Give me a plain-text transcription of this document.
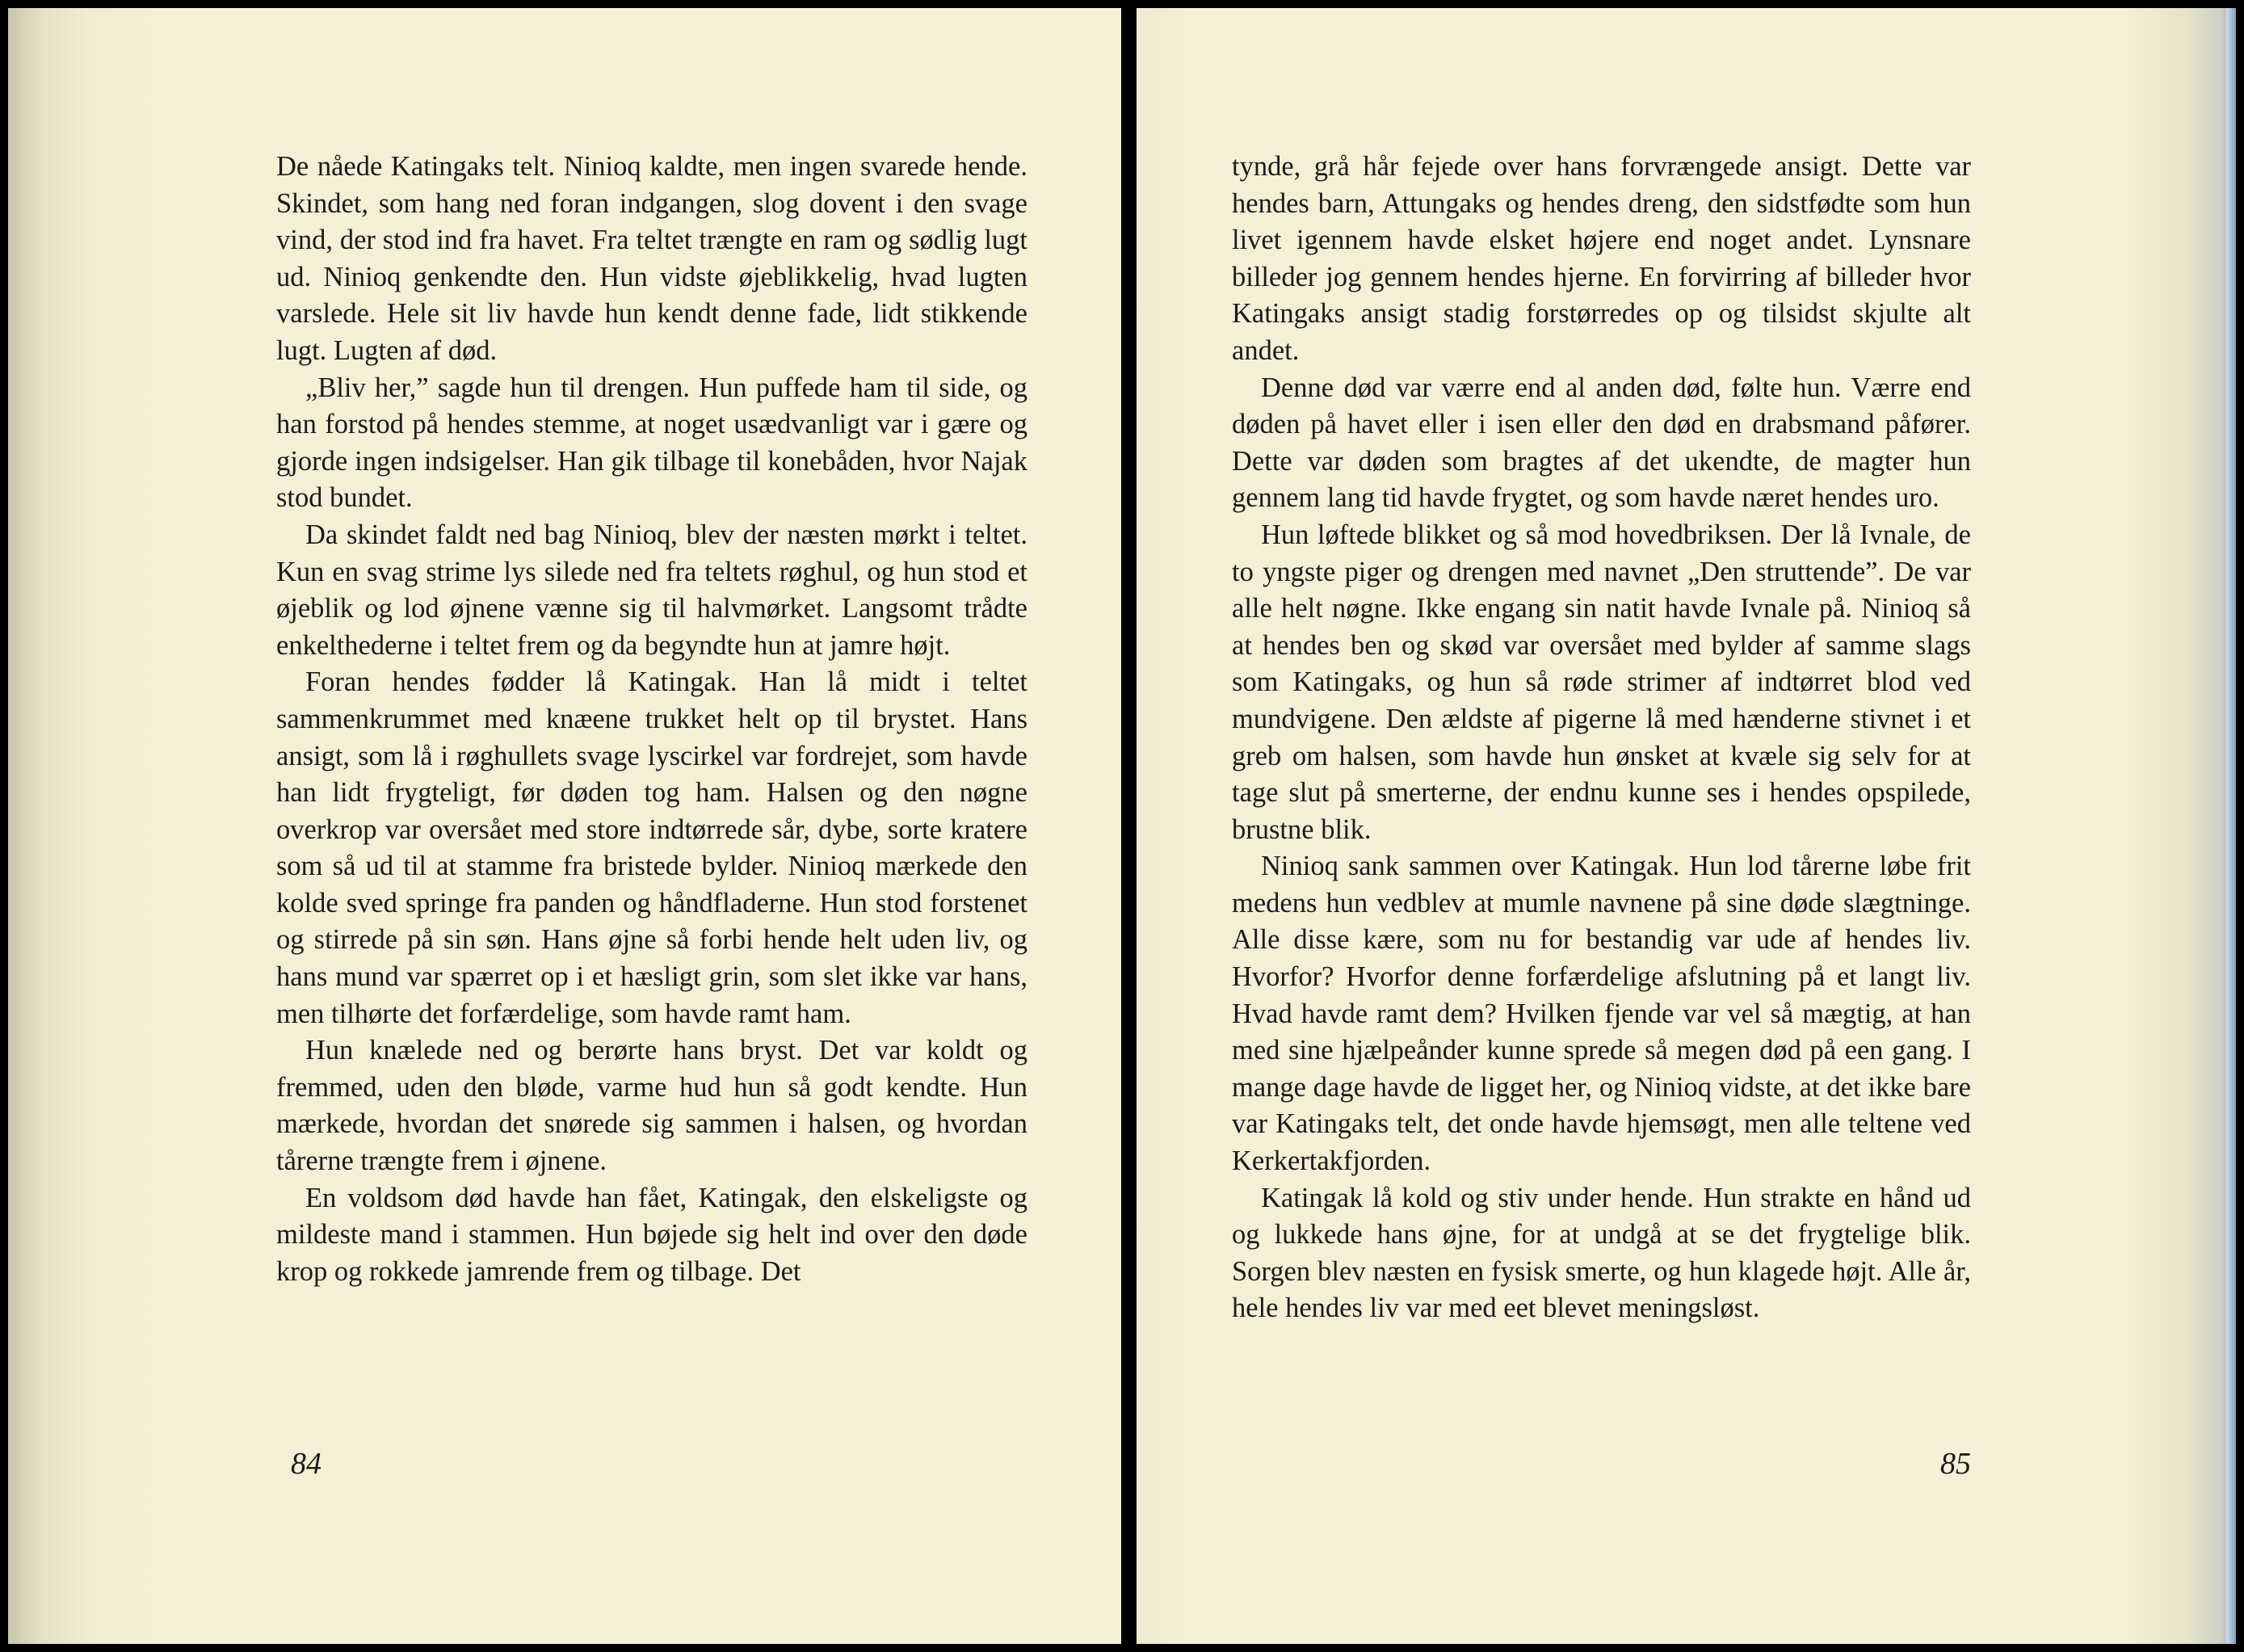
De nåede Katingaks telt. Ninioq kaldte, men ingen svarede hende. Skindet, som hang ned foran indgangen, slog dovent i den svage vind, der stod ind fra havet. Fra teltet trængte en ram og sødlig lugt ud. Ninioq genkendte den. Hun vidste øjeblikkelig, hvad lugten varslede. Hele sit liv havde hun kendt denne fade, lidt stikkende lugt. Lugten af død.

„Bliv her,” sagde hun til drengen. Hun puffede ham til side, og han forstod på hendes stemme, at noget usædvanligt var i gære og gjorde ingen indsigelser. Han gik tilbage til konebåden, hvor Najak stod bundet.

Da skindet faldt ned bag Ninioq, blev der næsten mørkt i teltet. Kun en svag strime lys silede ned fra teltets røghul, og hun stod et øjeblik og lod øjnene vænne sig til halvmørket. Langsomt trådte enkelthederne i teltet frem og da begyndte hun at jamre højt.

Foran hendes fødder lå Katingak. Han lå midt i teltet sammenkrummet med knæene trukket helt op til brystet. Hans ansigt, som lå i røghullets svage lyscirkel var fordrejet, som havde han lidt frygteligt, før døden tog ham. Halsen og den nøgne overkrop var oversået med store indtørrede sår, dybe, sorte kratere som så ud til at stamme fra bristede bylder. Ninioq mærkede den kolde sved springe fra panden og håndfladerne. Hun stod forstenet og stirrede på sin søn. Hans øjne så forbi hende helt uden liv, og hans mund var spærret op i et hæsligt grin, som slet ikke var hans, men tilhørte det forfærdelige, som havde ramt ham.

Hun knælede ned og berørte hans bryst. Det var koldt og fremmed, uden den bløde, varme hud hun så godt kendte. Hun mærkede, hvordan det snørede sig sammen i halsen, og hvordan tårerne trængte frem i øjnene.

En voldsom død havde han fået, Katingak, den elskeligste og mildeste mand i stammen. Hun bøjede sig helt ind over den døde krop og rokkede jamrende frem og tilbage. Det

84

tynde, grå hår fejede over hans forvrængede ansigt. Dette var hendes barn, Attungaks og hendes dreng, den sidstfødte som hun livet igennem havde elsket højere end noget andet. Lynsnare billeder jog gennem hendes hjerne. En forvirring af billeder hvor Katingaks ansigt stadig forstørredes op og tilsidst skjulte alt andet.

Denne død var værre end al anden død, følte hun. Værre end døden på havet eller i isen eller den død en drabsmand påfører. Dette var døden som bragtes af det ukendte, de magter hun gennem lang tid havde frygtet, og som havde næret hendes uro.

Hun løftede blikket og så mod hovedbriksen. Der lå Ivnale, de to yngste piger og drengen med navnet „Den struttende”. De var alle helt nøgne. Ikke engang sin natit havde Ivnale på. Ninioq så at hendes ben og skød var oversået med bylder af samme slags som Katingaks, og hun så røde strimer af indtørret blod ved mundvigene. Den ældste af pigerne lå med hænderne stivnet i et greb om halsen, som havde hun ønsket at kvæle sig selv for at tage slut på smerterne, der endnu kunne ses i hendes opspilede, brustne blik.

Ninioq sank sammen over Katingak. Hun lod tårerne løbe frit medens hun vedblev at mumle navnene på sine døde slægtninge. Alle disse kære, som nu for bestandig var ude af hendes liv. Hvorfor? Hvorfor denne forfærdelige afslutning på et langt liv. Hvad havde ramt dem? Hvilken fjende var vel så mægtig, at han med sine hjælpeånder kunne sprede så megen død på een gang. I mange dage havde de ligget her, og Ninioq vidste, at det ikke bare var Katingaks telt, det onde havde hjemsøgt, men alle teltene ved Kerkertakfjorden.

Katingak lå kold og stiv under hende. Hun strakte en hånd ud og lukkede hans øjne, for at undgå at se det frygtelige blik. Sorgen blev næsten en fysisk smerte, og hun klagede højt. Alle år, hele hendes liv var med eet blevet meningsløst.

85
